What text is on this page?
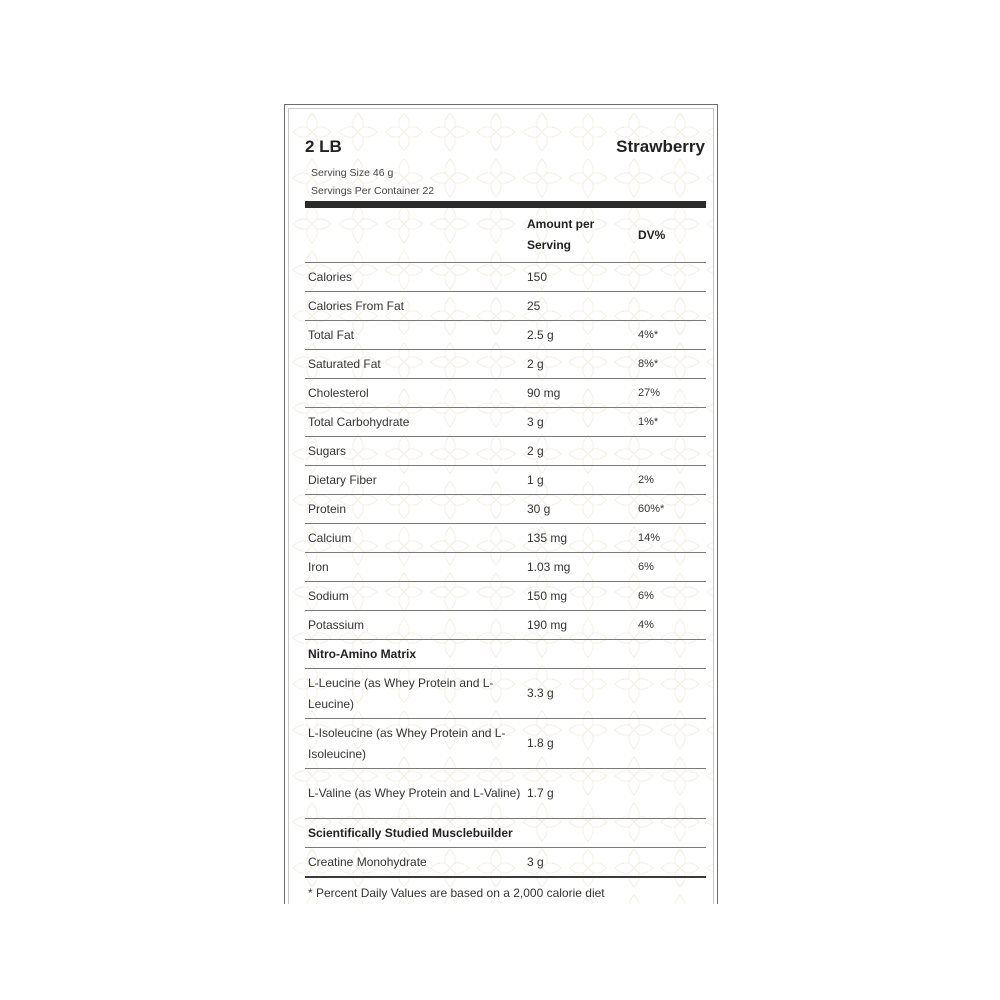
2 LB	Strawberry
Serving Size 46 g
Servings Per Container 22
	Amount per Serving	DV%
Calories	150	
Calories From Fat	25	
Total Fat	2.5 g	4%*
Saturated Fat	2 g	8%*
Cholesterol	90 mg	27%
Total Carbohydrate	3 g	1%*
Sugars	2 g	
Dietary Fiber	1 g	2%
Protein	30 g	60%*
Calcium	135 mg	14%
Iron	1.03 mg	6%
Sodium	150 mg	6%
Potassium	190 mg	4%
Nitro-Amino Matrix		
L-Leucine (as Whey Protein and L-Leucine)	3.3 g	
L-Isoleucine (as Whey Protein and L-Isoleucine)	1.8 g	
L-Valine (as Whey Protein and L-Valine)	1.7 g	
Scientifically Studied Musclebuilder		
Creatine Monohydrate	3 g	
* Percent Daily Values are based on a 2,000 calorie diet		
